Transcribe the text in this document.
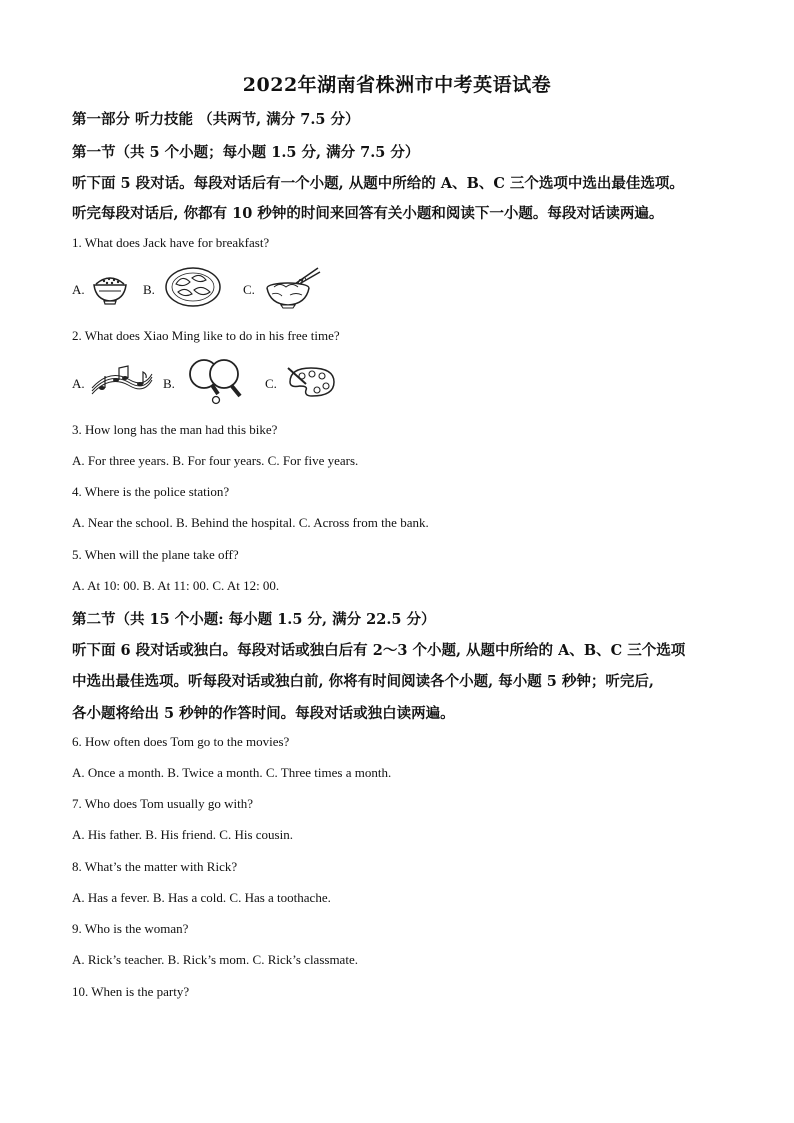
2022年湖南省株洲市中考英语试卷
第一部分 听力技能 （共两节, 满分 7.5 分）
第一节（共 5 个小题；每小题 1.5 分, 满分 7.5 分）
听下面 5 段对话。每段对话后有一个小题, 从题中所给的 A、B、C 三个选项中选出最佳选项。
听完每段对话后, 你都有 10 秒钟的时间来回答有关小题和阅读下一小题。每段对话读两遍。
1. What does Jack have for breakfast?
A.	B.	C.
2. What does Xiao Ming like to do in his free time?
A.	B.	C.
3. How long has the man had this bike?
A. For three years. B. For four years. C. For five years.
4. Where is the police station?
A. Near the school. B. Behind the hospital. C. Across from the bank.
5. When will the plane take off?
A. At 10: 00. B. At 11: 00. C. At 12: 00.
第二节（共 15 个小题: 每小题 1.5 分, 满分 22.5 分）
听下面 6 段对话或独白。每段对话或独白后有 2～3 个小题, 从题中所给的 A、B、C 三个选项
中选出最佳选项。听每段对话或独白前, 你将有时间阅读各个小题, 每小题 5 秒钟；听完后,
各小题将给出 5 秒钟的作答时间。每段对话或独白读两遍。
6. How often does Tom go to the movies?
A. Once a month. B. Twice a month. C. Three times a month.
7. Who does Tom usually go with?
A. His father. B. His friend. C. His cousin.
8. What’s the matter with Rick?
A. Has a fever. B. Has a cold. C. Has a toothache.
9. Who is the woman?
A. Rick’s teacher. B. Rick’s mom. C. Rick’s classmate.
10. When is the party?
